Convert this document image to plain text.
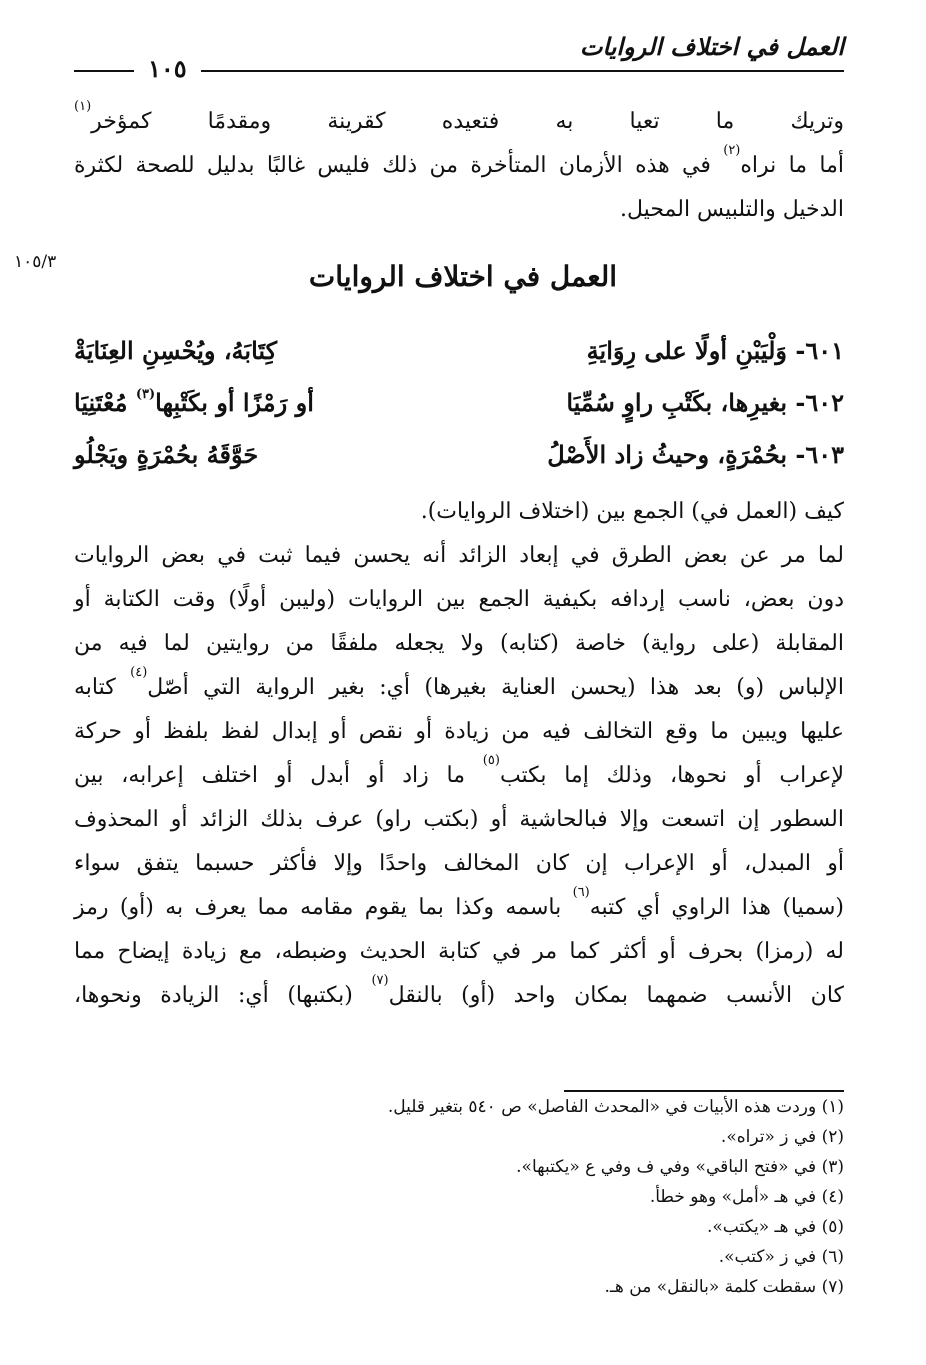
العمل في اختلاف الروايات
١٠٥
١٠٥/٣
وتريك ما تعيا به فتعيده كقرينة ومقدمًا كمؤخر$^{(١)}$
أما ما نراه$^{(٢)}$ في هذه الأزمان المتأخرة من ذلك فليس غالبًا بدليل للصحة لكثرة
الدخيل والتلبيس المحيل.
العمل في اختلاف الروايات
٦٠١- وَلْيَبْنِ أولًا على رِوَايَةِ
كِتَابَهُ، ويُحْسِنِ العِنَايَةْ
٦٠٢- بغيرِها، بكَتْبِ راوٍ سُمِّيَا
أو رَمْزًا أو بكَتْبِها$^{(٣)}$ مُعْتَنِيَا
٦٠٣- بحُمْرَةٍ، وحيثُ زاد الأَصْلُ
حَوَّقَهُ بحُمْرَةٍ ويَجْلُو
كيف (العمل في) الجمع بين (اختلاف الروايات).
لما مر عن بعض الطرق في إبعاد الزائد أنه يحسن فيما ثبت في بعض الروايات
دون بعض، ناسب إردافه بكيفية الجمع بين الروايات (وليبن أولًا) وقت الكتابة أو
المقابلة (على رواية) خاصة (كتابه) ولا يجعله ملفقًا من روايتين لما فيه من
الإلباس (و) بعد هذا (يحسن العناية بغيرها) أي: بغير الرواية التي أصّل$^{(٤)}$ كتابه
عليها ويبين ما وقع التخالف فيه من زيادة أو نقص أو إبدال لفظ بلفظ أو حركة
لإعراب أو نحوها، وذلك إما بكتب$^{(٥)}$ ما زاد أو أبدل أو اختلف إعرابه، بين
السطور إن اتسعت وإلا فبالحاشية أو (بكتب راو) عرف بذلك الزائد أو المحذوف
أو المبدل، أو الإعراب إن كان المخالف واحدًا وإلا فأكثر حسبما يتفق سواء
(سميا) هذا الراوي أي كتبه$^{(٦)}$ باسمه وكذا بما يقوم مقامه مما يعرف به (أو) رمز
له (رمزا) بحرف أو أكثر كما مر في كتابة الحديث وضبطه، مع زيادة إيضاح مما
كان الأنسب ضمهما بمكان واحد (أو) بالنقل$^{(٧)}$ (بكتبها) أي: الزيادة ونحوها،
(١) وردت هذه الأبيات في «المحدث الفاصل» ص ٥٤٠ بتغير قليل.
(٢) في ز «تراه».
(٣) في «فتح الباقي» وفي ف وفي ع «يكتبها».
(٤) في هـ «أمل» وهو خطأ.
(٥) في هـ «يكتب».
(٦) في ز «كتب».
(٧) سقطت كلمة «بالنقل» من هـ.
